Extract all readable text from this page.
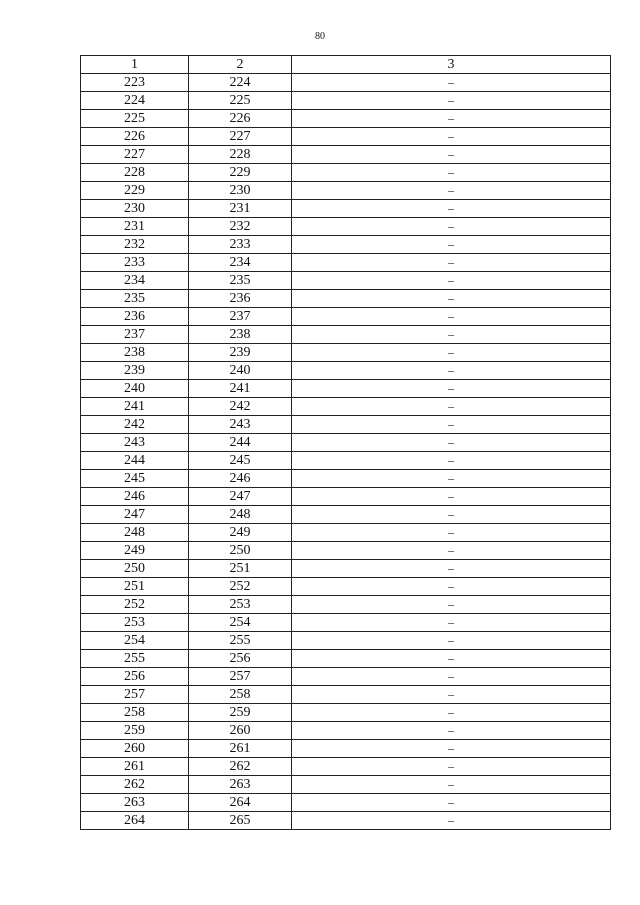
80
1	2	3
223	224	–
224	225	–
225	226	–
226	227	–
227	228	–
228	229	–
229	230	–
230	231	–
231	232	–
232	233	–
233	234	–
234	235	–
235	236	–
236	237	–
237	238	–
238	239	–
239	240	–
240	241	–
241	242	–
242	243	–
243	244	–
244	245	–
245	246	–
246	247	–
247	248	–
248	249	–
249	250	–
250	251	–
251	252	–
252	253	–
253	254	–
254	255	–
255	256	–
256	257	–
257	258	–
258	259	–
259	260	–
260	261	–
261	262	–
262	263	–
263	264	–
264	265	–
